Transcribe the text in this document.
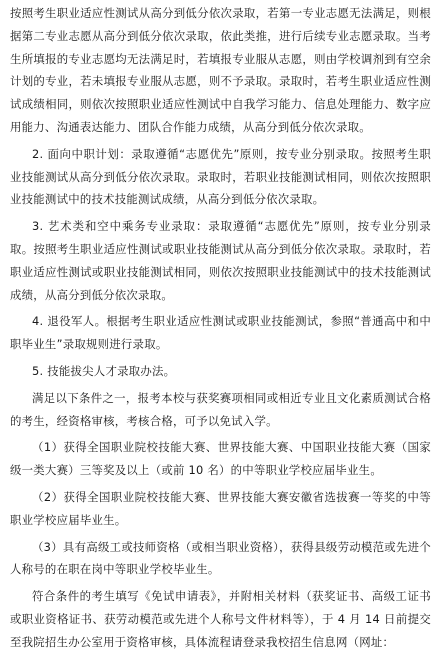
按照考生职业适应性测试从高分到低分依次录取，若第一专业志愿无法满足，则根据第二专业志愿从高分到低分依次录取，依此类推，进行后续专业志愿录取。当考生所填报的专业志愿均无法满足时，若填报专业服从志愿，则由学校调剂到有空余计划的专业，若未填报专业服从志愿，则不予录取。录取时，若考生职业适应性测试成绩相同，则依次按照职业适应性测试中自我学习能力、信息处理能力、数字应用能力、沟通表达能力、团队合作能力成绩，从高分到低分依次录取。

2. 面向中职计划：录取遵循“志愿优先”原则，按专业分别录取。按照考生职业技能测试从高分到低分依次录取。录取时，若职业技能测试相同，则依次按照职业技能测试中的技术技能测试成绩，从高分到低分依次录取。

3. 艺术类和空中乘务专业录取：录取遵循“志愿优先”原则，按专业分别录取。按照考生职业适应性测试或职业技能测试从高分到低分依次录取。录取时，若职业适应性测试或职业技能测试相同，则依次按照职业技能测试中的技术技能测试成绩，从高分到低分依次录取。

4. 退役军人。根据考生职业适应性测试或职业技能测试，参照“普通高中和中职毕业生”录取规则进行录取。

5. 技能拔尖人才录取办法。

满足以下条件之一，报考本校与获奖赛项相同或相近专业且文化素质测试合格的考生，经资格审核，考核合格，可予以免试入学。

（1）获得全国职业院校技能大赛、世界技能大赛、中国职业技能大赛（国家级一类大赛）三等奖及以上（或前 10 名）的中等职业学校应届毕业生。

（2）获得全国职业院校技能大赛、世界技能大赛安徽省选拔赛一等奖的中等职业学校应届毕业生。

（3）具有高级工或技师资格（或相当职业资格），获得县级劳动模范或先进个人称号的在职在岗中等职业学校毕业生。

符合条件的考生填写《免试申请表》，并附相关材料（获奖证书、高级工证书或职业资格证书、获劳动模范或先进个人称号文件材料等），于 4 月 14 日前提交至我院招生办公室用于资格审核，具体流程请登录我校招生信息网（网址：
